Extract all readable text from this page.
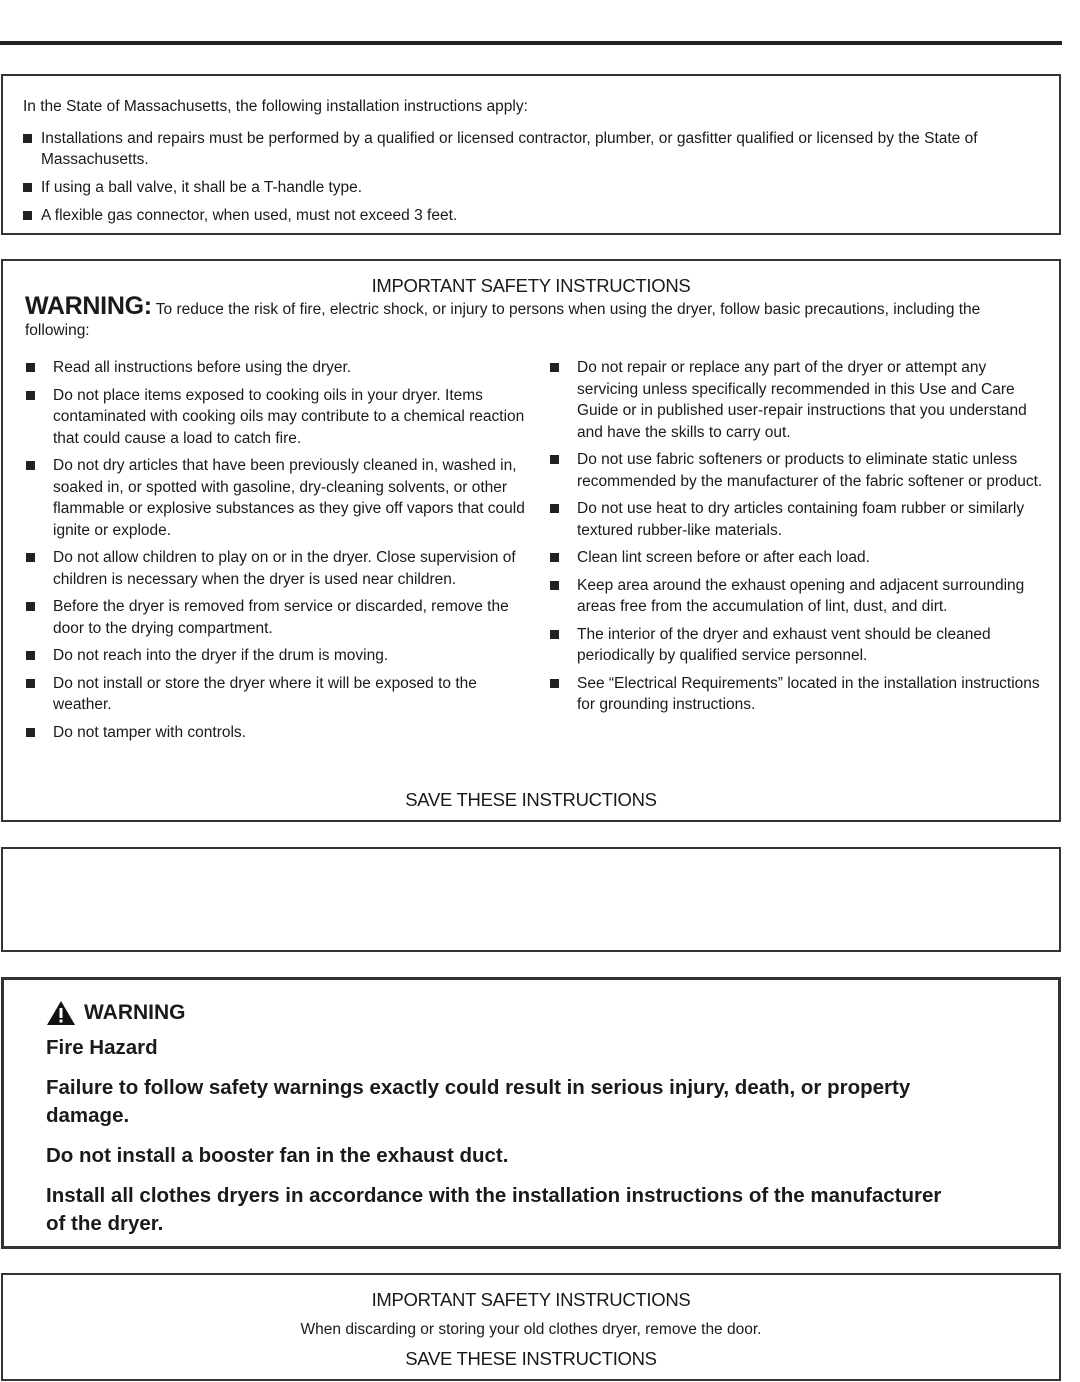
In the State of Massachusetts, the following installation instructions apply:
Installations and repairs must be performed by a qualified or licensed contractor, plumber, or gasfitter qualified or licensed by the State of Massachusetts.
If using a ball valve, it shall be a T-handle type.
A flexible gas connector, when used, must not exceed 3 feet.
IMPORTANT SAFETY INSTRUCTIONS
WARNING: To reduce the risk of fire, electric shock, or injury to persons when using the dryer, follow basic precautions, including the following:
Read all instructions before using the dryer.
Do not place items exposed to cooking oils in your dryer. Items contaminated with cooking oils may contribute to a chemical reaction that could cause a load to catch fire.
Do not dry articles that have been previously cleaned in, washed in, soaked in, or spotted with gasoline, dry-cleaning solvents, or other flammable or explosive substances as they give off vapors that could ignite or explode.
Do not allow children to play on or in the dryer. Close supervision of children is necessary when the dryer is used near children.
Before the dryer is removed from service or discarded, remove the door to the drying compartment.
Do not reach into the dryer if the drum is moving.
Do not install or store the dryer where it will be exposed to the weather.
Do not tamper with controls.
Do not repair or replace any part of the dryer or attempt any servicing unless specifically recommended in this Use and Care Guide or in published user-repair instructions that you understand and have the skills to carry out.
Do not use fabric softeners or products to eliminate static unless recommended by the manufacturer of the fabric softener or product.
Do not use heat to dry articles containing foam rubber or similarly textured rubber-like materials.
Clean lint screen before or after each load.
Keep area around the exhaust opening and adjacent surrounding areas free from the accumulation of lint, dust, and dirt.
The interior of the dryer and exhaust vent should be cleaned periodically by qualified service personnel.
See “Electrical Requirements” located in the installation instructions for grounding instructions.
SAVE THESE INSTRUCTIONS
WARNING

Fire Hazard

Failure to follow safety warnings exactly could result in serious injury, death, or property damage.

Do not install a booster fan in the exhaust duct.

Install all clothes dryers in accordance with the installation instructions of the manufacturer of the dryer.

IMPORTANT SAFETY INSTRUCTIONS
When discarding or storing your old clothes dryer, remove the door.
SAVE THESE INSTRUCTIONS
